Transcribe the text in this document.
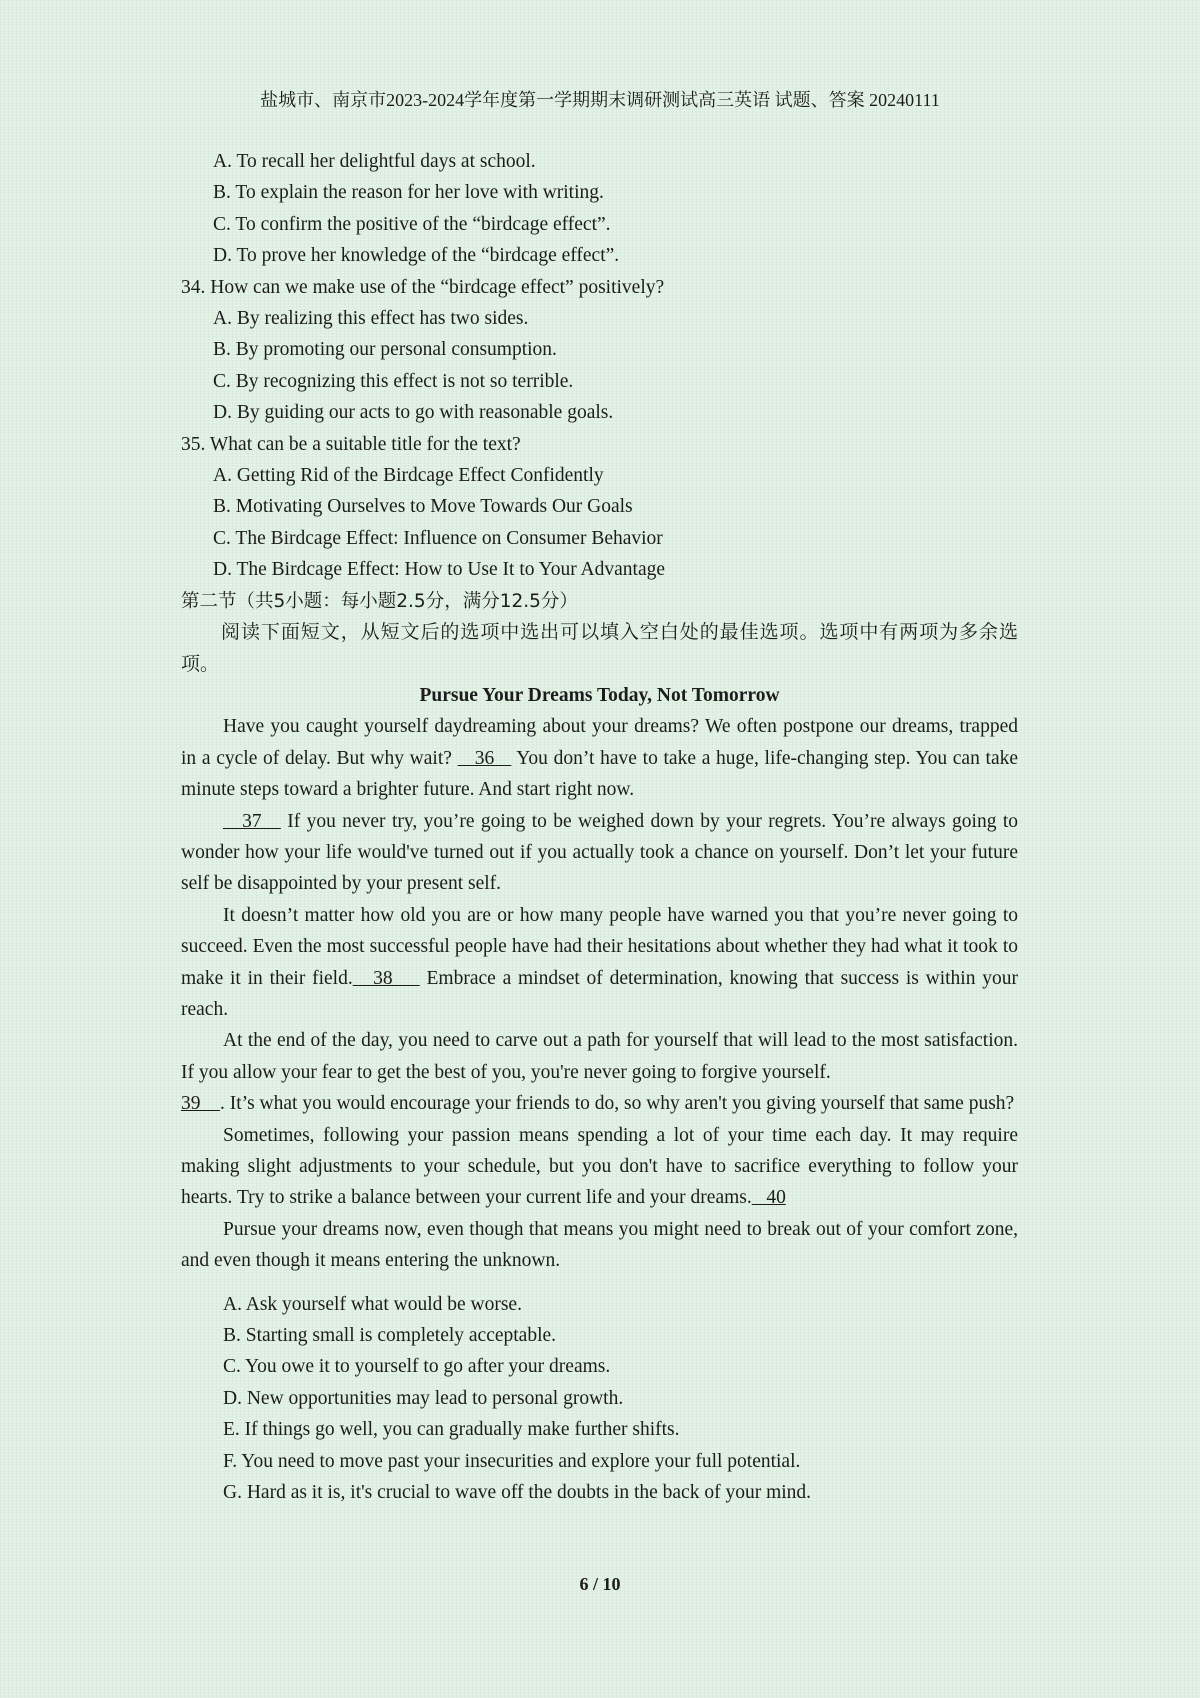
盐城市、南京市2023-2024学年度第一学期期末调研测试高三英语 试题、答案 20240111
A. To recall her delightful days at school.
B. To explain the reason for her love with writing.
C. To confirm the positive of the “birdcage effect”.
D. To prove her knowledge of the “birdcage effect”.
34. How can we make use of the “birdcage effect” positively?
A. By realizing this effect has two sides.
B. By promoting our personal consumption.
C. By recognizing this effect is not so terrible.
D. By guiding our acts to go with reasonable goals.
35. What can be a suitable title for the text?
A. Getting Rid of the Birdcage Effect Confidently
B. Motivating Ourselves to Move Towards Our Goals
C. The Birdcage Effect: Influence on Consumer Behavior
D. The Birdcage Effect: How to Use It to Your Advantage
第二节（共5小题：每小题2.5分，满分12.5分）
阅读下面短文，从短文后的选项中选出可以填入空白处的最佳选项。选项中有两项为多余选项。
Pursue Your Dreams Today, Not Tomorrow
Have you caught yourself daydreaming about your dreams? We often postpone our dreams, trapped in a cycle of delay. But why wait?    36    You don’t have to take a huge, life-changing step. You can take minute steps toward a brighter future. And start right now.
37    If you never try, you’re going to be weighed down by your regrets. You’re always going to wonder how your life would've turned out if you actually took a chance on yourself. Don’t let your future self be disappointed by your present self.
It doesn’t matter how old you are or how many people have warned you that you’re never going to succeed. Even the most successful people have had their hesitations about whether they had what it took to make it in their field.   38     Embrace a mindset of determination, knowing that success is within your reach.
At the end of the day, you need to carve out a path for yourself that will lead to the most satisfaction. If you allow your fear to get the best of you, you're never going to forgive yourself.
39    . It’s what you would encourage your friends to do, so why aren't you giving yourself that same push?
Sometimes, following your passion means spending a lot of your time each day. It may require making slight adjustments to your schedule, but you don't have to sacrifice everything to follow your hearts. Try to strike a balance between your current life and your dreams.   40
Pursue your dreams now, even though that means you might need to break out of your comfort zone, and even though it means entering the unknown.
A. Ask yourself what would be worse.
B. Starting small is completely acceptable.
C. You owe it to yourself to go after your dreams.
D. New opportunities may lead to personal growth.
E. If things go well, you can gradually make further shifts.
F. You need to move past your insecurities and explore your full potential.
G. Hard as it is, it's crucial to wave off the doubts in the back of your mind.
6 / 10
